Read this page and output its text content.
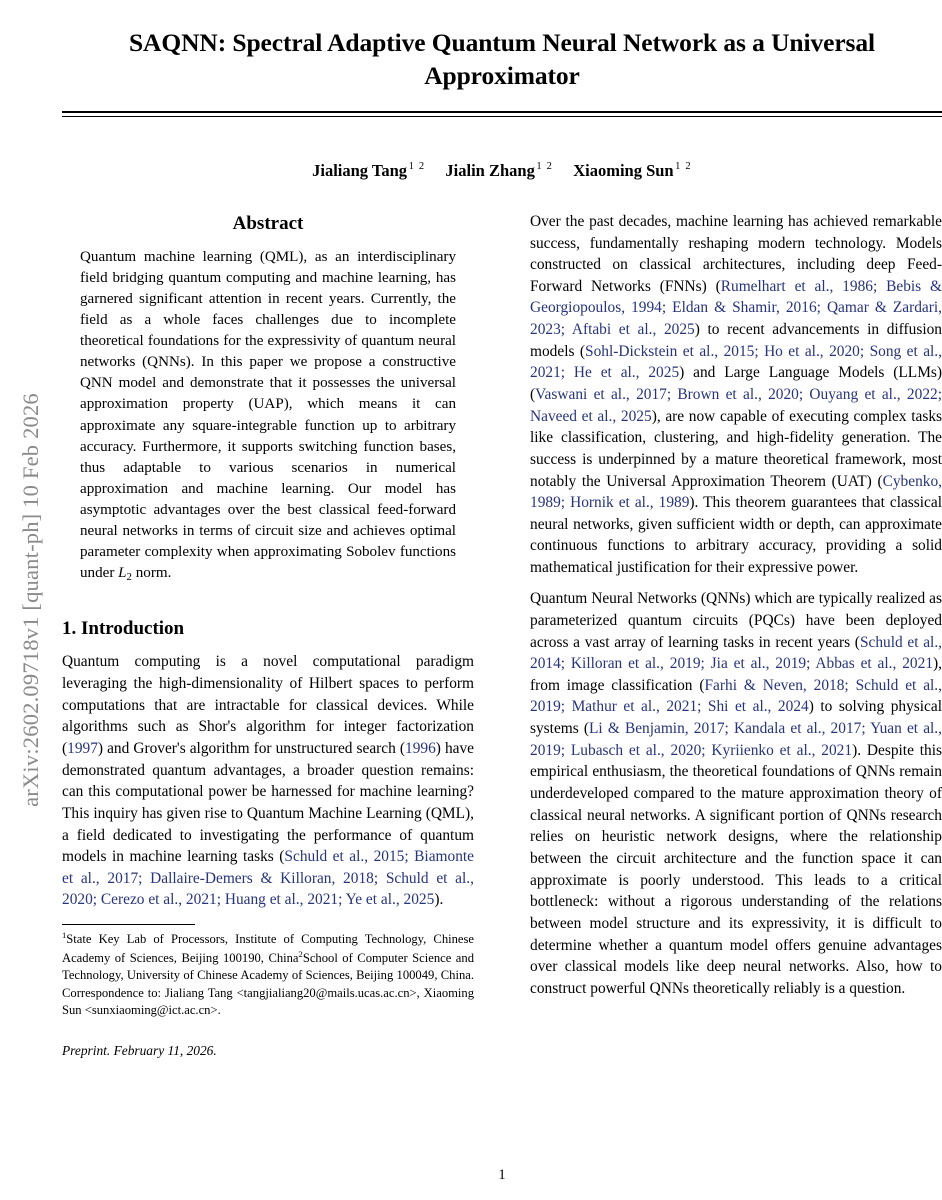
arXiv:2602.09718v1 [quant-ph] 10 Feb 2026
SAQNN: Spectral Adaptive Quantum Neural Network as a Universal Approximator
Jialiang Tang $^{1 2}$ Jialin Zhang $^{1 2}$ Xiaoming Sun $^{1 2}$
Abstract

Quantum machine learning (QML), as an interdisciplinary field bridging quantum computing and machine learning, has garnered significant attention in recent years. Currently, the field as a whole faces challenges due to incomplete theoretical foundations for the expressivity of quantum neural networks (QNNs). In this paper we propose a constructive QNN model and demonstrate that it possesses the universal approximation property (UAP), which means it can approximate any square-integrable function up to arbitrary accuracy. Furthermore, it supports switching function bases, thus adaptable to various scenarios in numerical approximation and machine learning. Our model has asymptotic advantages over the best classical feed-forward neural networks in terms of circuit size and achieves optimal parameter complexity when approximating Sobolev functions under $L_2$ norm.

1. Introduction

Quantum computing is a novel computational paradigm leveraging the high-dimensionality of Hilbert spaces to perform computations that are intractable for classical devices. While algorithms such as Shor's algorithm for integer factorization (1997) and Grover's algorithm for unstructured search (1996) have demonstrated quantum advantages, a broader question remains: can this computational power be harnessed for machine learning? This inquiry has given rise to Quantum Machine Learning (QML), a field dedicated to investigating the performance of quantum models in machine learning tasks (Schuld et al., 2015; Biamonte et al., 2017; Dallaire-Demers & Killoran, 2018; Schuld et al., 2020; Cerezo et al., 2021; Huang et al., 2021; Ye et al., 2025).

$^1$State Key Lab of Processors, Institute of Computing Technology, Chinese Academy of Sciences, Beijing 100190, China$^2$School of Computer Science and Technology, University of Chinese Academy of Sciences, Beijing 100049, China. Correspondence to: Jialiang Tang <tangjialiang20@mails.ucas.ac.cn>, Xiaoming Sun <sunxiaoming@ict.ac.cn>.
Preprint. February 11, 2026.

Over the past decades, machine learning has achieved remarkable success, fundamentally reshaping modern technology. Models constructed on classical architectures, including deep Feed-Forward Networks (FNNs) (Rumelhart et al., 1986; Bebis & Georgiopoulos, 1994; Eldan & Shamir, 2016; Qamar & Zardari, 2023; Aftabi et al., 2025) to recent advancements in diffusion models (Sohl-Dickstein et al., 2015; Ho et al., 2020; Song et al., 2021; He et al., 2025) and Large Language Models (LLMs) (Vaswani et al., 2017; Brown et al., 2020; Ouyang et al., 2022; Naveed et al., 2025), are now capable of executing complex tasks like classification, clustering, and high-fidelity generation. The success is underpinned by a mature theoretical framework, most notably the Universal Approximation Theorem (UAT) (Cybenko, 1989; Hornik et al., 1989). This theorem guarantees that classical neural networks, given sufficient width or depth, can approximate continuous functions to arbitrary accuracy, providing a solid mathematical justification for their expressive power.

Quantum Neural Networks (QNNs) which are typically realized as parameterized quantum circuits (PQCs) have been deployed across a vast array of learning tasks in recent years (Schuld et al., 2014; Killoran et al., 2019; Jia et al., 2019; Abbas et al., 2021), from image classification (Farhi & Neven, 2018; Schuld et al., 2019; Mathur et al., 2021; Shi et al., 2024) to solving physical systems (Li & Benjamin, 2017; Kandala et al., 2017; Yuan et al., 2019; Lubasch et al., 2020; Kyriienko et al., 2021). Despite this empirical enthusiasm, the theoretical foundations of QNNs remain underdeveloped compared to the mature approximation theory of classical neural networks. A significant portion of QNNs research relies on heuristic network designs, where the relationship between the circuit architecture and the function space it can approximate is poorly understood. This leads to a critical bottleneck: without a rigorous understanding of the relations between model structure and its expressivity, it is difficult to determine whether a quantum model offers genuine advantages over classical models like deep neural networks. Also, how to construct powerful QNNs theoretically reliably is a question.

1
